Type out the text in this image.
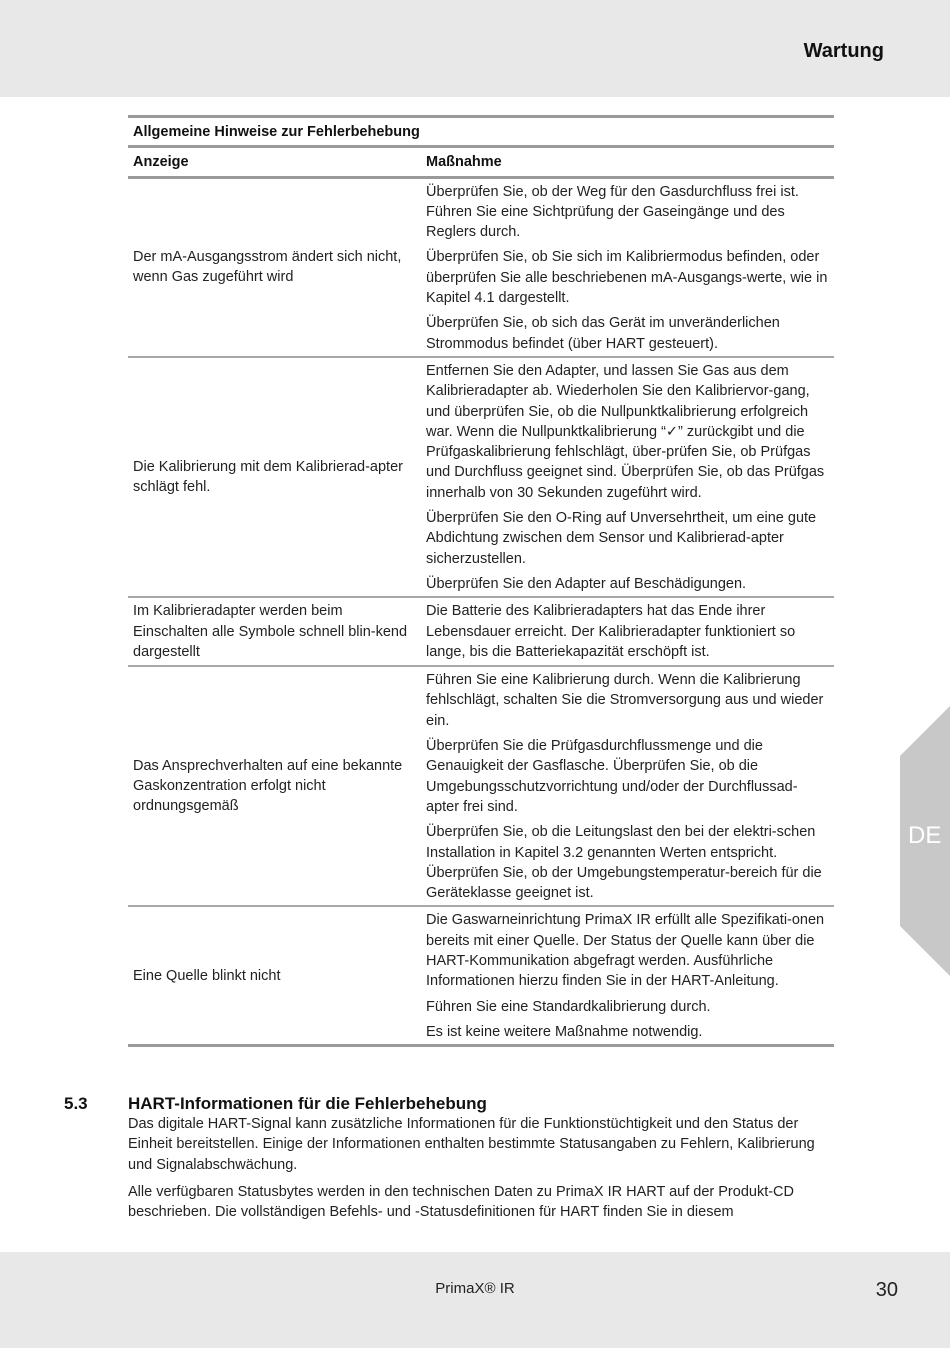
Wartung
DE
Allgemeine Hinweise zur Fehlerbehebung	
Anzeige	Maßnahme
Der mA-Ausgangsstrom ändert sich nicht, wenn Gas zugeführt wird	Überprüfen Sie, ob der Weg für den Gasdurchfluss frei ist. Führen Sie eine Sichtprüfung der Gaseingänge und des Reglers durch.
Überprüfen Sie, ob Sie sich im Kalibriermodus befinden, oder überprüfen Sie alle beschriebenen mA-Ausgangs-werte, wie in Kapitel 4.1 dargestellt.
Überprüfen Sie, ob sich das Gerät im unveränderlichen Strommodus befindet (über HART gesteuert).

Die Kalibrierung mit dem Kalibrierad-apter schlägt fehl.	Entfernen Sie den Adapter, und lassen Sie Gas aus dem Kalibrieradapter ab. Wiederholen Sie den Kalibriervor-gang, und überprüfen Sie, ob die Nullpunktkalibrierung erfolgreich war. Wenn die Nullpunktkalibrierung “✓” zurückgibt und die Prüfgaskalibrierung fehlschlägt, über-prüfen Sie, ob Prüfgas und Durchfluss geeignet sind. Überprüfen Sie, ob das Prüfgas innerhalb von 30 Sekunden zugeführt wird.
Überprüfen Sie den O-Ring auf Unversehrtheit, um eine gute Abdichtung zwischen dem Sensor und Kalibrierad-apter sicherzustellen.
Überprüfen Sie den Adapter auf Beschädigungen.

Im Kalibrieradapter werden beim Einschalten alle Symbole schnell blin-kend dargestellt	Die Batterie des Kalibrieradapters hat das Ende ihrer Lebensdauer erreicht. Der Kalibrieradapter funktioniert so lange, bis die Batteriekapazität erschöpft ist.

Das Ansprechverhalten auf eine bekannte Gaskonzentration erfolgt nicht ordnungsgemäß	Führen Sie eine Kalibrierung durch. Wenn die Kalibrierung fehlschlägt, schalten Sie die Stromversorgung aus und wieder ein.
Überprüfen Sie die Prüfgasdurchflussmenge und die Genauigkeit der Gasflasche. Überprüfen Sie, ob die Umgebungsschutzvorrichtung und/oder der Durchflussad-apter frei sind.
Überprüfen Sie, ob die Leitungslast den bei der elektri-schen Installation in Kapitel 3.2 genannten Werten entspricht. Überprüfen Sie, ob der Umgebungstemperatur-bereich für die Geräteklasse geeignet ist.

Eine Quelle blinkt nicht	Die Gaswarneinrichtung PrimaX IR erfüllt alle Spezifikati-onen bereits mit einer Quelle. Der Status der Quelle kann über die HART-Kommunikation abgefragt werden. Ausführliche Informationen hierzu finden Sie in der HART-Anleitung.
Führen Sie eine Standardkalibrierung durch.
Es ist keine weitere Maßnahme notwendig.
5.3 HART-Informationen für die Fehlerbehebung

Das digitale HART-Signal kann zusätzliche Informationen für die Funktionstüchtigkeit und den Status der Einheit bereitstellen. Einige der Informationen enthalten bestimmte Statusangaben zu Fehlern, Kalibrierung und Signalabschwächung.

Alle verfügbaren Statusbytes werden in den technischen Daten zu PrimaX IR HART auf der Produkt-CD beschrieben. Die vollständigen Befehls- und -Statusdefinitionen für HART finden Sie in diesem

PrimaX® IR	30
